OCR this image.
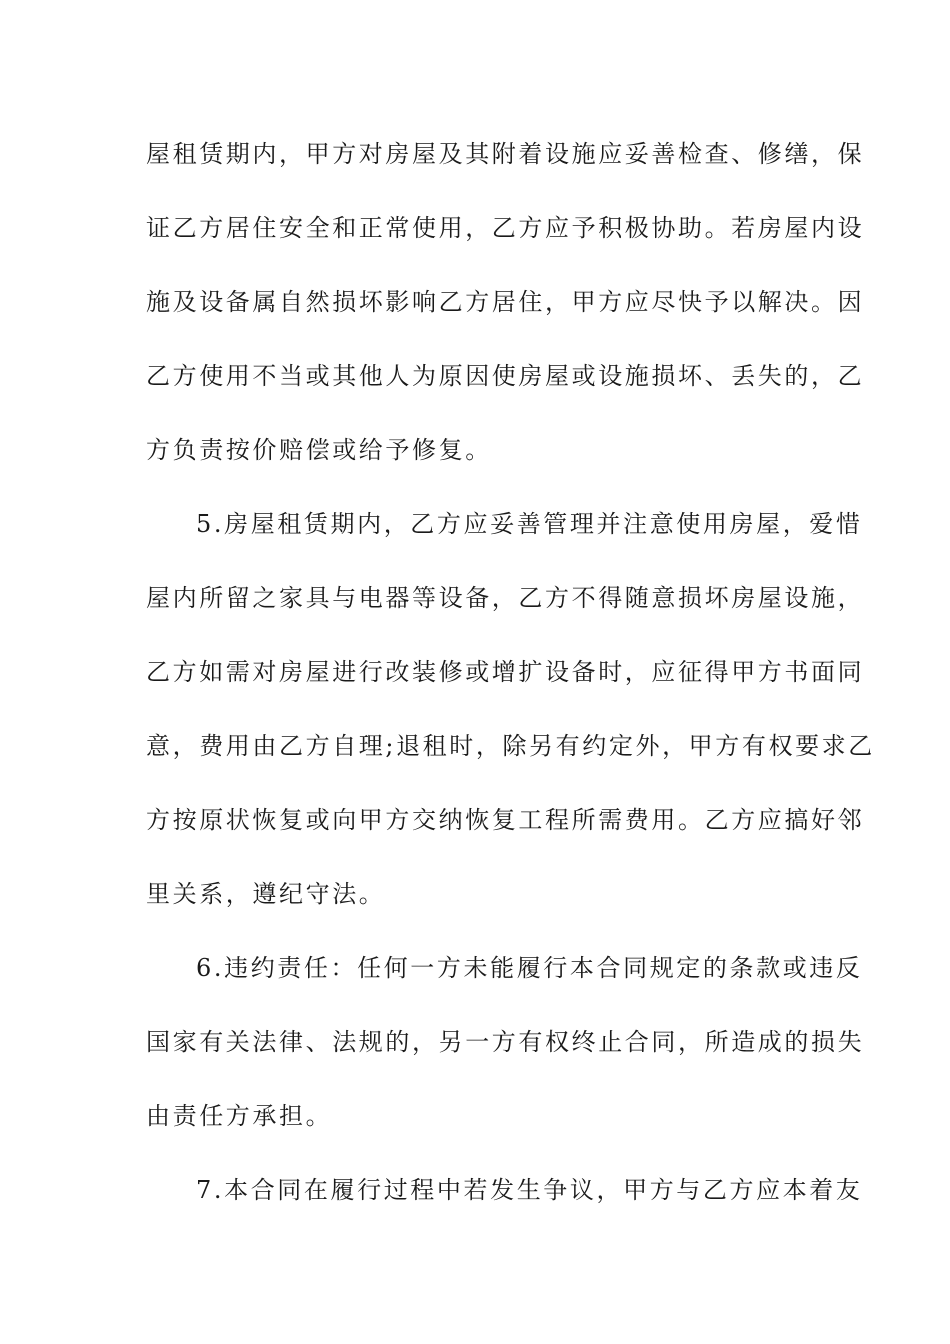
屋租赁期内，甲方对房屋及其附着设施应妥善检查、修缮，保
证乙方居住安全和正常使用，乙方应予积极协助。若房屋内设
施及设备属自然损坏影响乙方居住，甲方应尽快予以解决。因
乙方使用不当或其他人为原因使房屋或设施损坏、丢失的，乙
方负责按价赔偿或给予修复。
5.房屋租赁期内，乙方应妥善管理并注意使用房屋，爱惜
屋内所留之家具与电器等设备，乙方不得随意损坏房屋设施，
乙方如需对房屋进行改装修或增扩设备时，应征得甲方书面同
意，费用由乙方自理;退租时，除另有约定外，甲方有权要求乙
方按原状恢复或向甲方交纳恢复工程所需费用。乙方应搞好邻
里关系，遵纪守法。
6.违约责任：任何一方未能履行本合同规定的条款或违反
国家有关法律、法规的，另一方有权终止合同，所造成的损失
由责任方承担。
7.本合同在履行过程中若发生争议，甲方与乙方应本着友
